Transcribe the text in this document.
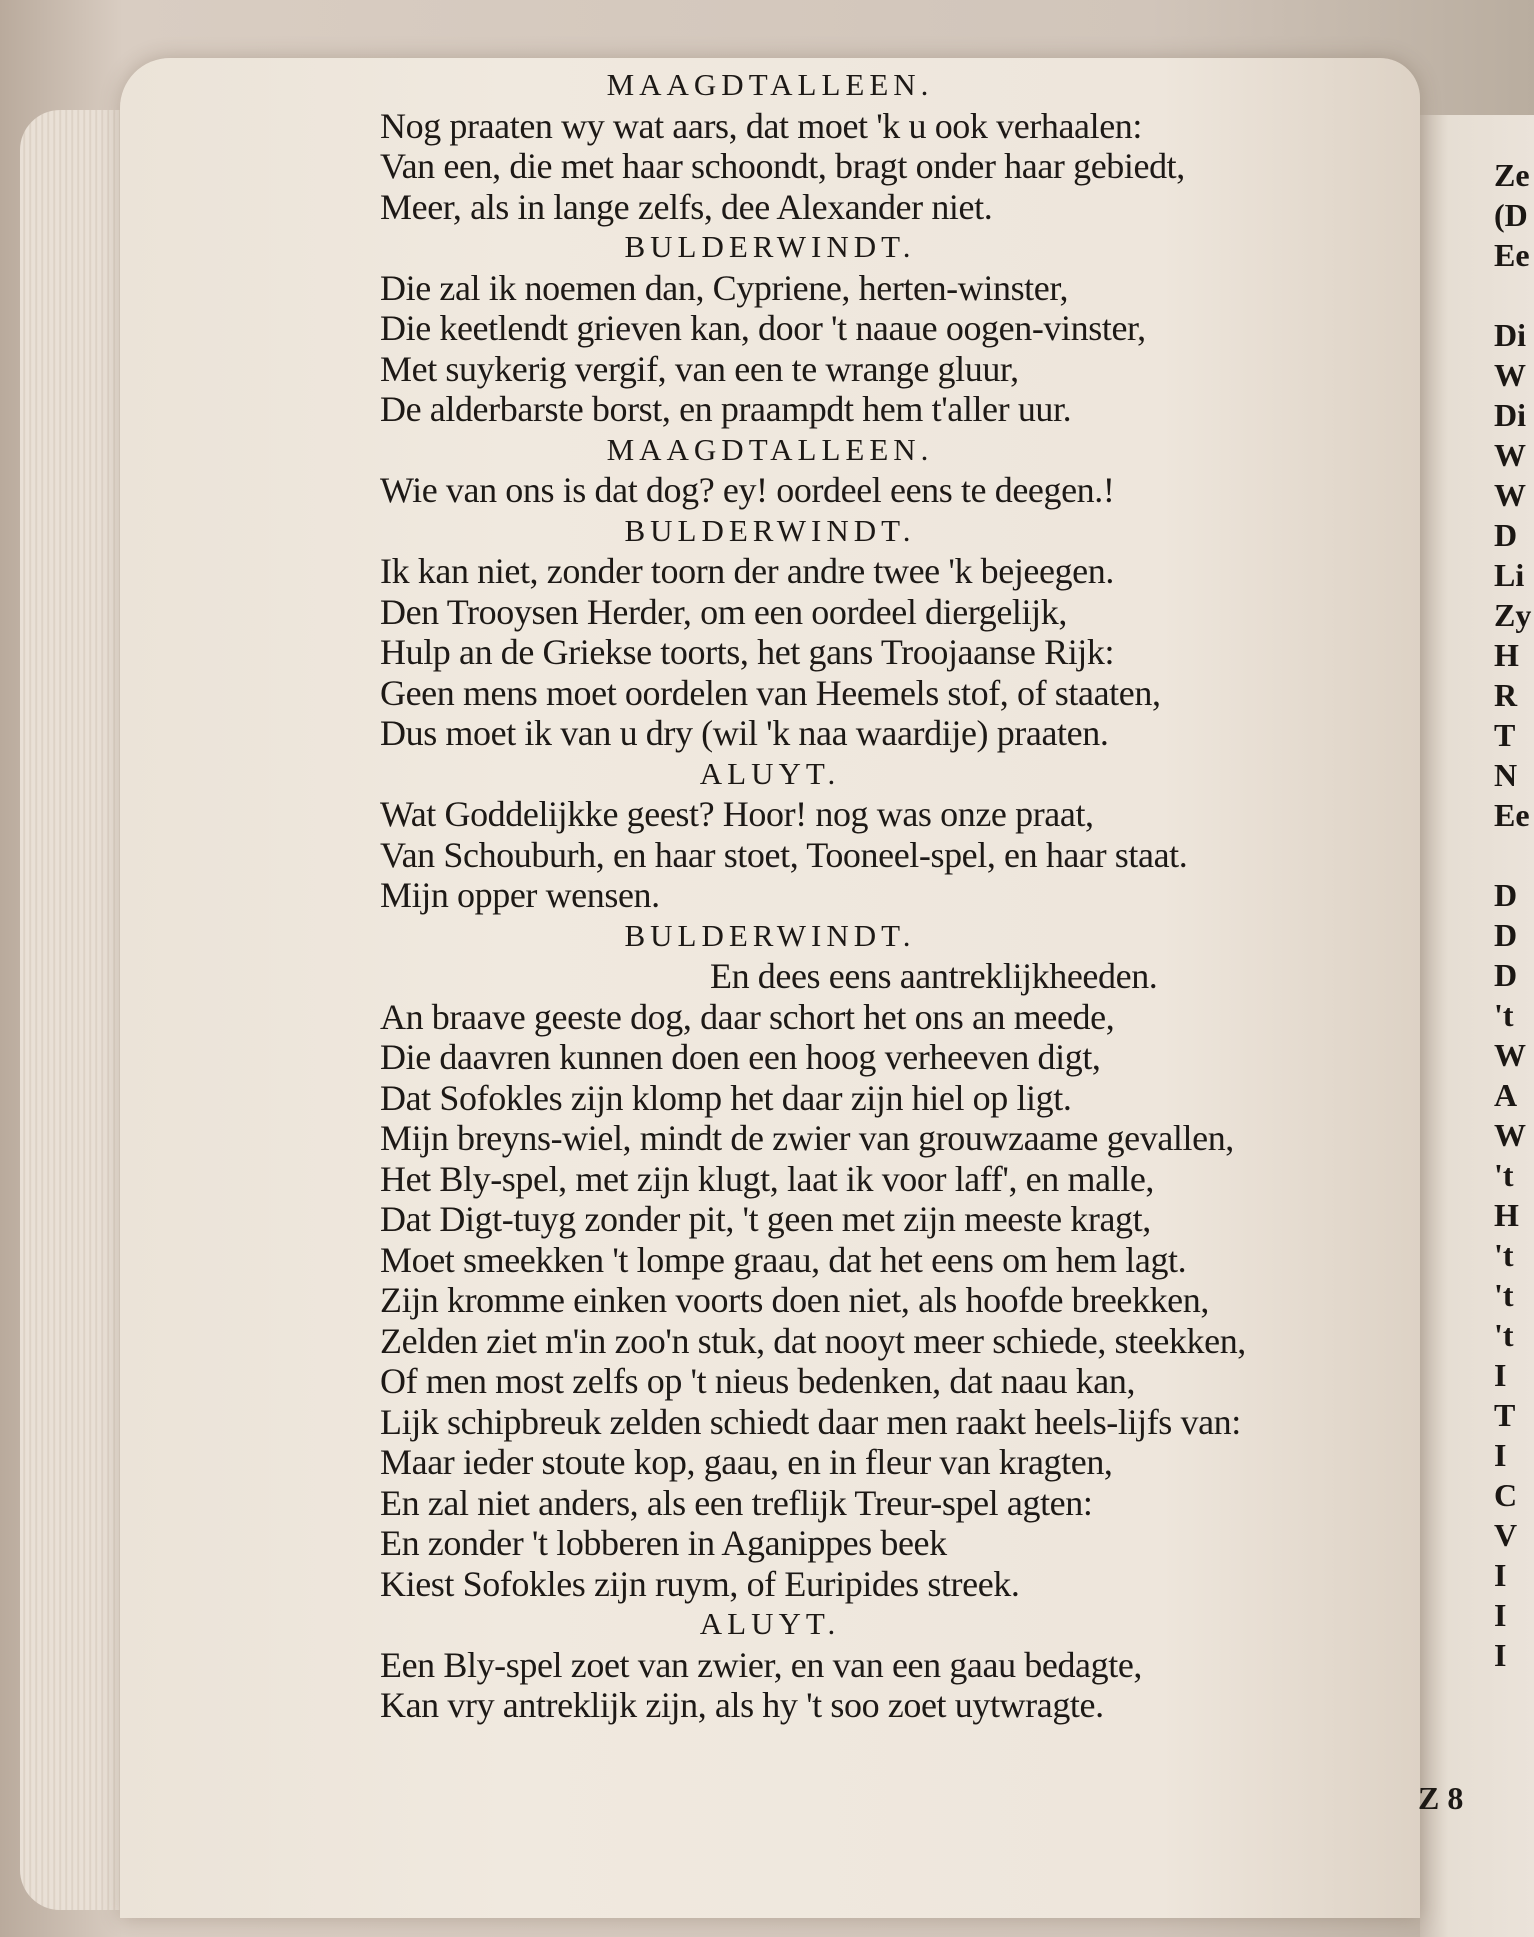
Ze
(D
Ee
Di
W
Di
W
W
D
Li
Zy
H
R
T
N
Ee
D
D
D
't
W
A
W
't
H
't
't
't
I
T
I
C
V
I
I
I
MAAGDTALLEEN.
Nog praaten wy wat aars, dat moet 'k u ook verhaalen:
Van een, die met haar schoondt, bragt onder haar gebiedt,
Meer, als in lange zelfs, dee Alexander niet.
BULDERWINDT.
Die zal ik noemen dan, Cypriene, herten-winster,
Die keetlendt grieven kan, door 't naaue oogen-vinster,
Met suykerig vergif, van een te wrange gluur,
De alderbarste borst, en praampdt hem t'aller uur.
MAAGDTALLEEN.
Wie van ons is dat dog? ey! oordeel eens te deegen.!
BULDERWINDT.
Ik kan niet, zonder toorn der andre twee 'k bejeegen.
Den Trooysen Herder, om een oordeel diergelijk,
Hulp an de Griekse toorts, het gans Troojaanse Rijk:
Geen mens moet oordelen van Heemels stof, of staaten,
Dus moet ik van u dry (wil 'k naa waardije) praaten.
ALUYT.
Wat Goddelijkke geest? Hoor! nog was onze praat,
Van Schouburh, en haar stoet, Tooneel-spel, en haar staat.
Mijn opper wensen.
BULDERWINDT.
En dees eens aantreklijkheeden.
An braave geeste dog, daar schort het ons an meede,
Die daavren kunnen doen een hoog verheeven digt,
Dat Sofokles zijn klomp het daar zijn hiel op ligt.
Mijn breyns-wiel, mindt de zwier van grouwzaame gevallen,
Het Bly-spel, met zijn klugt, laat ik voor laff', en malle,
Dat Digt-tuyg zonder pit, 't geen met zijn meeste kragt,
Moet smeekken 't lompe graau, dat het eens om hem lagt.
Zijn kromme einken voorts doen niet, als hoofde breekken,
Zelden ziet m'in zoo'n stuk, dat nooyt meer schiede, steekken,
Of men most zelfs op 't nieus bedenken, dat naau kan,
Lijk schipbreuk zelden schiedt daar men raakt heels-lijfs van:
Maar ieder stoute kop, gaau, en in fleur van kragten,
En zal niet anders, als een treflijk Treur-spel agten:
En zonder 't lobberen in Aganippes beek
Kiest Sofokles zijn ruym, of Euripides streek.
ALUYT.
Een Bly-spel zoet van zwier, en van een gaau bedagte,
Kan vry antreklijk zijn, als hy 't soo zoet uytwragte.
Z 8
